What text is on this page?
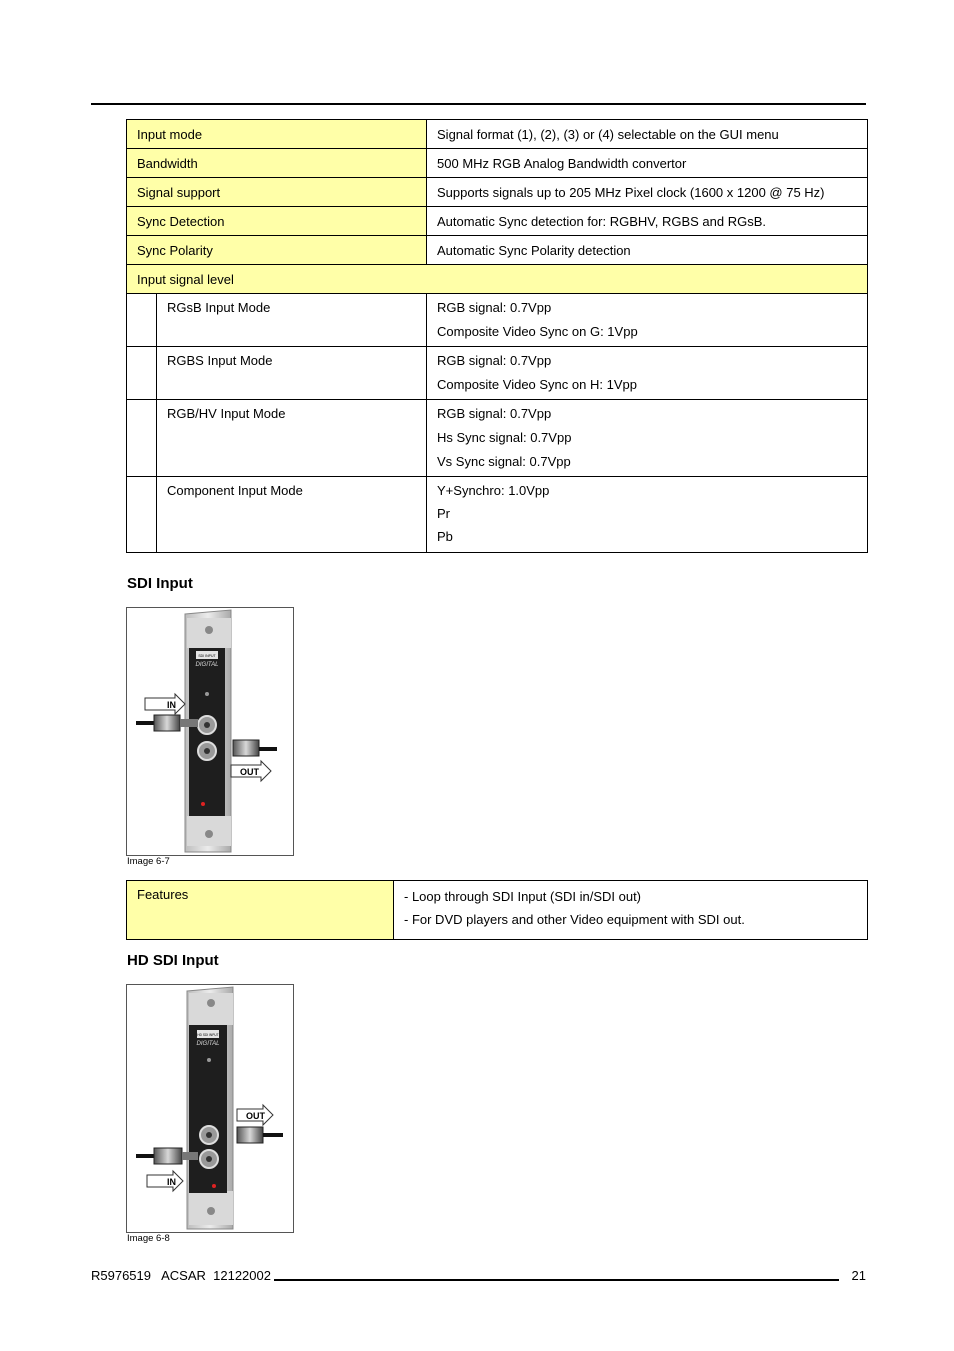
Input mode		Signal format (1), (2), (3) or (4) selectable on the GUI menu
Bandwidth		500 MHz RGB Analog Bandwidth convertor
Signal support		Supports signals up to 205 MHz Pixel clock (1600 x 1200 @ 75 Hz)
Sync Detection		Automatic Sync detection for: RGBHV, RGBS and RGsB.
Sync Polarity		Automatic Sync Polarity detection
Input signal level		
	RGsB Input Mode	RGB signal: 0.7Vpp
Composite Video Sync on G: 1Vpp

	RGBS Input Mode	RGB signal: 0.7Vpp
Composite Video Sync on H: 1Vpp

	RGB/HV Input Mode	RGB signal: 0.7Vpp
Hs Sync signal: 0.7Vpp
Vs Sync signal: 0.7Vpp

	Component Input Mode	Y+Synchro: 1.0Vpp
Pr
Pb
SDI Input
SDI INPUT
DIGITAL
IN
OUT
Image 6-7
Features	- Loop through SDI Input (SDI in/SDI out)
- For DVD players and other Video equipment with SDI out.
HD SDI Input
HD SDI INPUT
DIGITAL
OUT
IN
Image 6-8
R5976519   ACSAR  12122002	21
